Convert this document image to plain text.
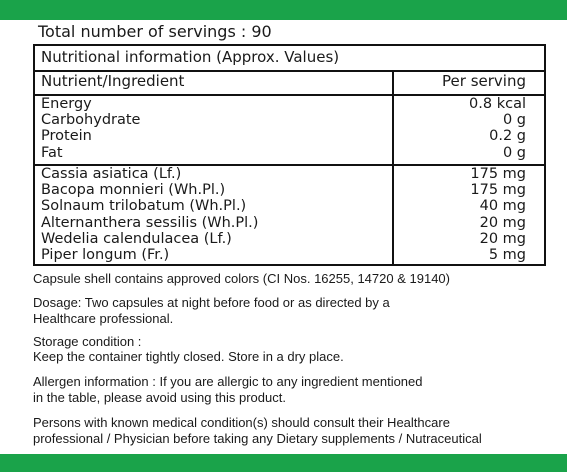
Total number of servings : 90
Nutritional information (Approx. Values)
Nutrient/Ingredient	Per serving
Energy
Carbohydrate
Protein
Fat
0.8 kcal
0 g
0.2 g
0 g
Cassia asiatica (Lf.)
Bacopa monnieri (Wh.Pl.)
Solnaum trilobatum (Wh.Pl.)
Alternanthera sessilis (Wh.Pl.)
Wedelia calendulacea (Lf.)
Piper longum (Fr.)
175 mg
175 mg
40 mg
20 mg
20 mg
5 mg
Capsule shell contains approved colors (CI Nos. 16255, 14720 & 19140)
Dosage: Two capsules at night before food or as directed by a
Healthcare professional.
Storage condition :
Keep the container tightly closed. Store in a dry place.
Allergen information : If you are allergic to any ingredient mentioned
in the table, please avoid using this product.
Persons with known medical condition(s) should consult their Healthcare
professional / Physician before taking any Dietary supplements / Nutraceutical
